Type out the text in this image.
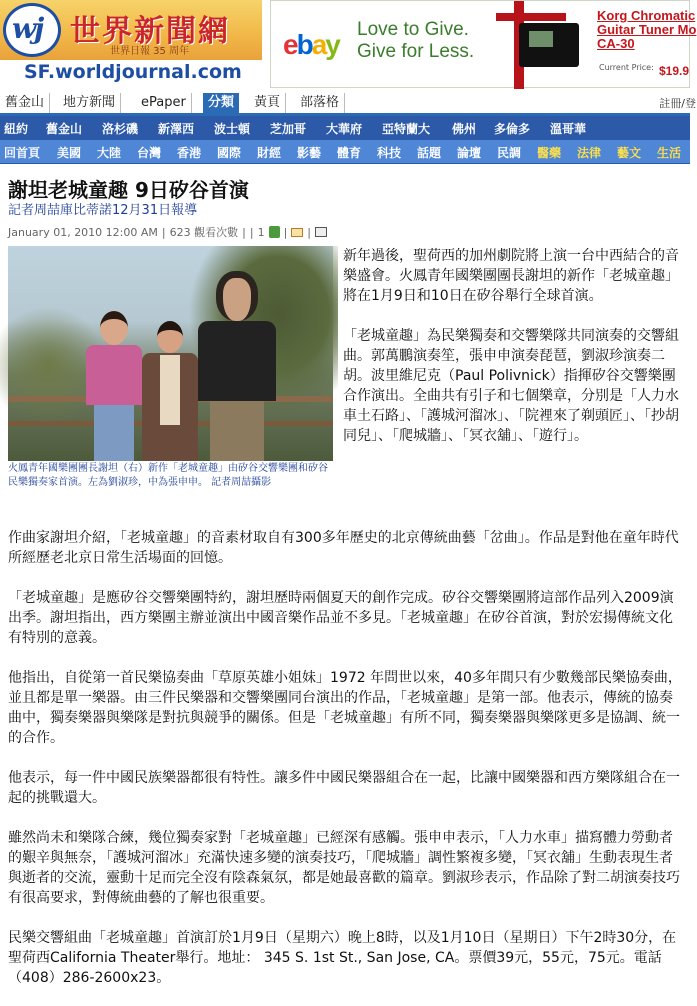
wj 世界新聞網
世界日報 35 周年
SF.worldjournal.com
ebay Love to Give.
Give for Less.
Korg Chromatic Guitar Tuner Mo CA-30
Current Price: $19.9
舊金山	地方新聞	ePaper	分類	黃頁	部落格	註冊/登
紐約 舊金山 洛杉磯 新澤西 波士頓 芝加哥 大華府 亞特蘭大 佛州 多倫多 溫哥華
回首頁 美國 大陸 台灣 香港 國際 財經 影藝 體育 科技 話題 論壇 民調 醫藥 法律 藝文 生活
謝坦老城童趣 9日矽谷首演
記者周喆庫比蒂諾12月31日報導
January 01, 2010 12:00 AM | 623 觀看次數 | | 1 | |
火鳳青年國樂團團長謝坦（右）新作「老城童趣」由矽谷交響樂團和矽谷民樂獨奏家首演。左為劉淑珍，中為張申申。 記者周喆攝影

新年過後，聖荷西的加州劇院將上演一台中西結合的音樂盛會。火鳳青年國樂團團長謝坦的新作「老城童趣」將在1月9日和10日在矽谷舉行全球首演。

「老城童趣」為民樂獨奏和交響樂隊共同演奏的交響組曲。郭萬鵬演奏笙，張申申演奏琵琶，劉淑珍演奏二胡。波里維尼克（Paul Polivnick）指揮矽谷交響樂團合作演出。全曲共有引子和七個樂章，分別是「人力水車土石路」、「護城河溜冰」、「院裡來了剃頭匠」、「抄胡同兒」、「爬城牆」、「冥衣舖」、「遊行」。

作曲家謝坦介紹，「老城童趣」的音素材取自有300多年歷史的北京傳統曲藝「岔曲」。作品是對他在童年時代所經歷老北京日常生活場面的回憶。

「老城童趣」是應矽谷交響樂團特約，謝坦歷時兩個夏天的創作完成。矽谷交響樂團將這部作品列入2009演出季。謝坦指出，西方樂團主辦並演出中國音樂作品並不多見。「老城童趣」在矽谷首演，對於宏揚傳統文化有特別的意義。

他指出，自從第一首民樂協奏曲「草原英雄小姐妹」1972 年問世以來，40多年間只有少數幾部民樂協奏曲，並且都是單一樂器。由三件民樂器和交響樂團同台演出的作品，「老城童趣」是第一部。他表示，傳統的協奏曲中，獨奏樂器與樂隊是對抗與競爭的關係。但是「老城童趣」有所不同，獨奏樂器與樂隊更多是協調、統一的合作。

他表示，每一件中國民族樂器都很有特性。讓多件中國民樂器組合在一起，比讓中國樂器和西方樂隊組合在一起的挑戰還大。

雖然尚未和樂隊合練，幾位獨奏家對「老城童趣」已經深有感觸。張申申表示，「人力水車」描寫體力勞動者的艱辛與無奈，「護城河溜冰」充滿快速多變的演奏技巧，「爬城牆」調性繁複多變，「冥衣舖」生動表現生者與逝者的交流，靈動十足而完全沒有陰森氣氛，都是她最喜歡的篇章。劉淑珍表示，作品除了對二胡演奏技巧有很高要求，對傳統曲藝的了解也很重要。

民樂交響組曲「老城童趣」首演訂於1月9日（星期六）晚上8時，以及1月10日（星期日）下午2時30分，在聖荷西California Theater舉行。地址： 345 S. 1st St., San Jose, CA。票價39元，55元，75元。電話（408）286-2600x23。
